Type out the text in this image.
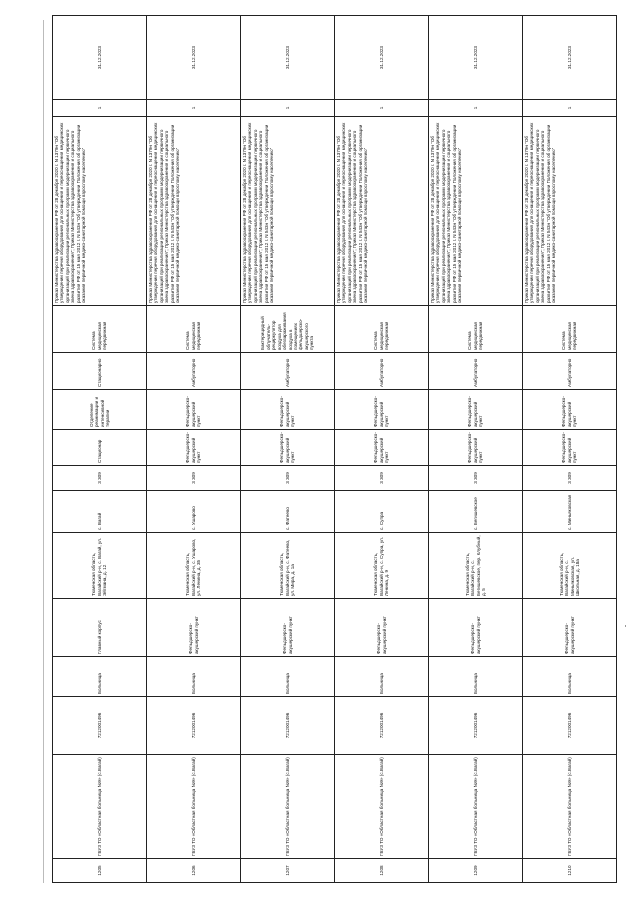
1205	ГБУЗ ТО «Областная больница №9» (с.Вагай)	7212001496	Больница	Главный корпус	Тюменская область, Вагайский р-н, с. Вагай, ул. Эйгмана, д. 12	с. Вагай	3 309	Стационар	Отделение реанимации и интенсивной терапии	Стационарно	Система медицинская передвижная	Приказ Министерства здравоохранения РФ от 28 декабря 2020 г. N 1379н "Об утверждении перечня оборудования для оснащения и переоснащения медицинских организаций при реализации региональных программ модернизации первичного звена здравоохранения"; Приказ Министерства здравоохранения и социального развития РФ от 15 мая 2012 г. N 543н "Об утверждении Положения об организации оказания первичной медико-санитарной помощи взрослому населению"	1	31.12.2023
1206	ГБУЗ ТО «Областная больница №9» (с.Вагай)	7212001496	Больница	Фельдшерско-акушерский пункт	Тюменская область, Вагайский р-н, с. Ушарово, ул. Ленина, д. 35	с. Ушарово	3 309	Фельдшерско-акушерский пункт	Фельдшерско-акушерский пункт	Амбулаторно	Система медицинская передвижная	Приказ Министерства здравоохранения РФ от 28 декабря 2020 г. N 1379н "Об утверждении перечня оборудования для оснащения и переоснащения медицинских организаций при реализации региональных программ модернизации первичного звена здравоохранения"; Приказ Министерства здравоохранения и социального развития РФ от 15 мая 2012 г. N 543н "Об утверждении Положения об организации оказания первичной медико-санитарной помощи взрослому населению"	1	31.12.2023
1207	ГБУЗ ТО «Областная больница №9» (с.Вагай)	7212001496	Больница	Фельдшерско-акушерский пункт	Тюменская область, Вагайский р-н, с. Фатеево, ул. Мира, д. 1а	с. Фатеево	3 309	Фельдшерско-акушерский пункт	Фельдшерско-акушерский пункт	Амбулаторно	Бактерицидный облучатель-рециркулятор воздуха для обеззараживания воздуха в помещениях фельдшерско-акушерского пункта	Приказ Министерства здравоохранения РФ от 28 декабря 2020 г. N 1379н "Об утверждении перечня оборудования для оснащения и переоснащения медицинских организаций при реализации региональных программ модернизации первичного звена здравоохранения"; Приказ Министерства здравоохранения и социального развития РФ от 15 мая 2012 г. N 543н "Об утверждении Положения об организации оказания первичной медико-санитарной помощи взрослому населению"	1	31.12.2023
1208	ГБУЗ ТО «Областная больница №9» (с.Вагай)	7212001496	Больница	Фельдшерско-акушерский пункт	Тюменская область, Вагайский р-н, с. Супра, ул. Ленина, д. 9	с. Супра	3 309	Фельдшерско-акушерский пункт	Фельдшерско-акушерский пункт	Амбулаторно	Система медицинская передвижная	Приказ Министерства здравоохранения РФ от 28 декабря 2020 г. N 1379н "Об утверждении перечня оборудования для оснащения и переоснащения медицинских организаций при реализации региональных программ модернизации первичного звена здравоохранения"; Приказ Министерства здравоохранения и социального развития РФ от 15 мая 2012 г. N 543н "Об утверждении Положения об организации оказания первичной медико-санитарной помощи взрослому населению"	1	31.12.2023
1209	ГБУЗ ТО «Областная больница №9» (с.Вагай)	7212001496	Больница	Фельдшерско-акушерский пункт	Тюменская область, Вагайский р-н, с. Бегишевское, пер. Клубный, д. 5	с. Бегишевское	3 309	Фельдшерско-акушерский пункт	Фельдшерско-акушерский пункт	Амбулаторно	Система медицинская передвижная	Приказ Министерства здравоохранения РФ от 28 декабря 2020 г. N 1379н "Об утверждении перечня оборудования для оснащения и переоснащения медицинских организаций при реализации региональных программ модернизации первичного звена здравоохранения"; Приказ Министерства здравоохранения и социального развития РФ от 15 мая 2012 г. N 543н "Об утверждении Положения об организации оказания первичной медико-санитарной помощи взрослому населению"	1	31.12.2023
1210	ГБУЗ ТО «Областная больница №9» (с.Вагай)	7212001496	Больница	Фельдшерско-акушерский пункт	Тюменская область, Вагайский р-н, с. Миньяковская, ул. Школьная, д. 18а	с. Миньяковская	3 309	Фельдшерско-акушерский пункт	Фельдшерско-акушерский пункт	Амбулаторно	Система медицинская передвижная	Приказ Министерства здравоохранения РФ от 28 декабря 2020 г. N 1379н "Об утверждении перечня оборудования для оснащения и переоснащения медицинских организаций при реализации региональных программ модернизации первичного звена здравоохранения"; Приказ Министерства здравоохранения и социального развития РФ от 15 мая 2012 г. N 543н "Об утверждении Положения об организации оказания первичной медико-санитарной помощи взрослому населению"	1	31.12.2023
